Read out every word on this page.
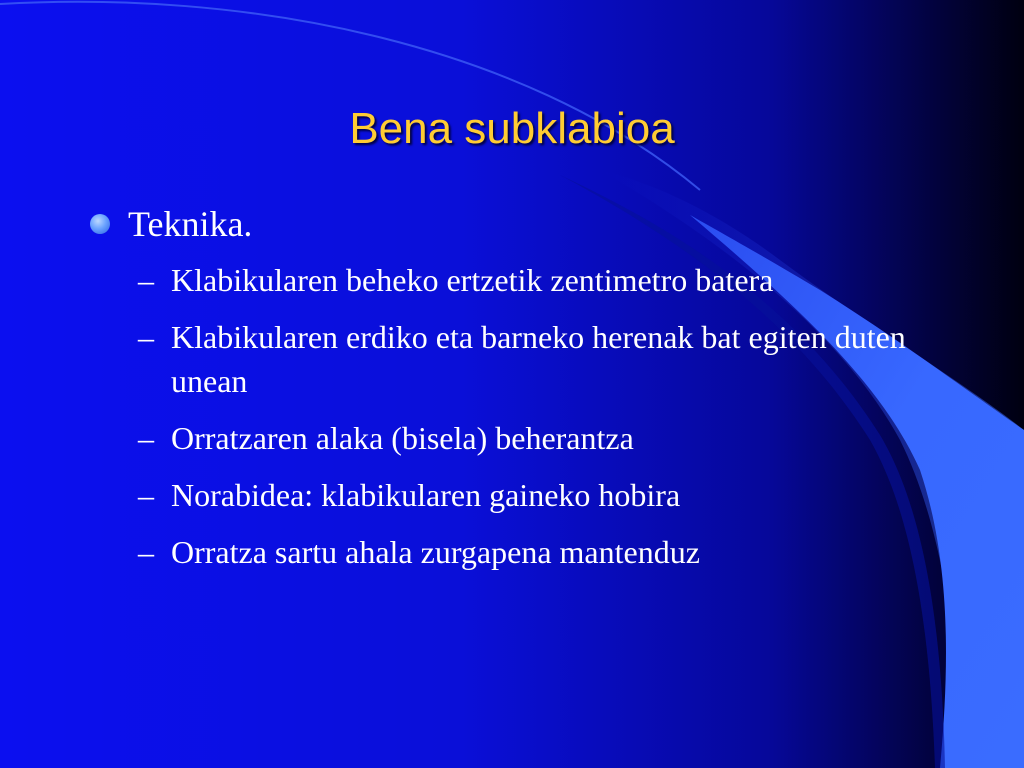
Bena subklabioa
Teknika.
– Klabikularen beheko ertzetik zentimetro batera
– Klabikularen erdiko eta barneko herenak bat egiten duten unean
– Orratzaren alaka (bisela) beherantza
– Norabidea: klabikularen gaineko hobira
– Orratza sartu ahala zurgapena mantenduz
